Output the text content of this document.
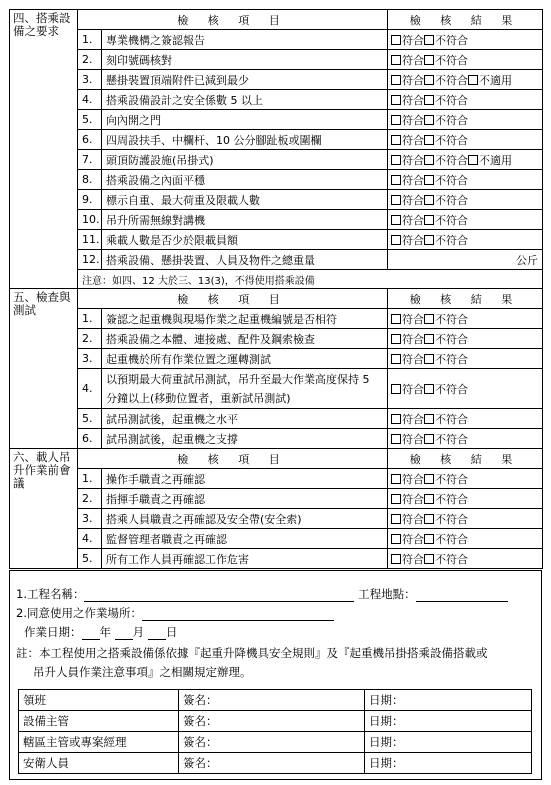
四、搭乘設備之要求	檢 核 項 目		檢 核 結 果
	1.	專業機構之簽認報告	符合 不符合
	2.	刻印號碼核對	符合 不符合
	3.	懸掛裝置頂端附件已減到最少	符合 不符合 不適用
	4.	搭乘設備設計之安全係數 5 以上	符合 不符合
	5.	向內開之門	符合 不符合
	6.	四周設扶手、中欄杆、10 公分腳趾板或圍欄	符合 不符合
	7.	頭頂防護設施(吊掛式)	符合 不符合 不適用
	8.	搭乘設備之內面平穩	符合 不符合
	9.	標示自重、最大荷重及限載人數	符合 不符合
	10.	吊升所需無線對講機	符合 不符合
	11.	乘載人數是否少於限載員額	符合 不符合
	12.	搭乘設備、懸掛裝置、人員及物件之總重量	公斤

	注意：如四、12 大於三、13(3)，不得使用搭乘設備		
五、檢查與測試	檢 核 項 目		檢 核 結 果
	1.	簽認之起重機與現場作業之起重機編號是否相符	符合 不符合
	2.	搭乘設備之本體、連接處、配件及鋼索檢查	符合 不符合
	3.	起重機於所有作業位置之運轉測試	符合 不符合
	4.	以預期最大荷重試吊測試，吊升至最大作業高度保持 5 分鐘以上(移動位置者，重新試吊測試)	符合 不符合
	5.	試吊測試後，起重機之水平	符合 不符合
	6.	試吊測試後，起重機之支撐	符合 不符合
六、載人吊升作業前會議	檢 核 項 目		檢 核 結 果
	1.	操作手職責之再確認	符合 不符合
	2.	指揮手職責之再確認	符合 不符合
	3.	搭乘人員職責之再確認及安全帶(安全索)	符合 不符合
	4.	監督管理者職責之再確認	符合 不符合
	5.	所有工作人員再確認工作危害	符合 不符合
1.工程名稱：	工程地點：
2.同意使用之作業場所：
作業日期： 年 月 日
註：本工程使用之搭乘設備係依據『起重升降機具安全規則』及『起重機吊掛搭乘設備搭載或
吊升人員作業注意事項』之相關規定辦理。
領班	簽名：	日期：
設備主管	簽名：	日期：
轄區主管或專案經理	簽名：	日期：
安衛人員	簽名：	日期：
